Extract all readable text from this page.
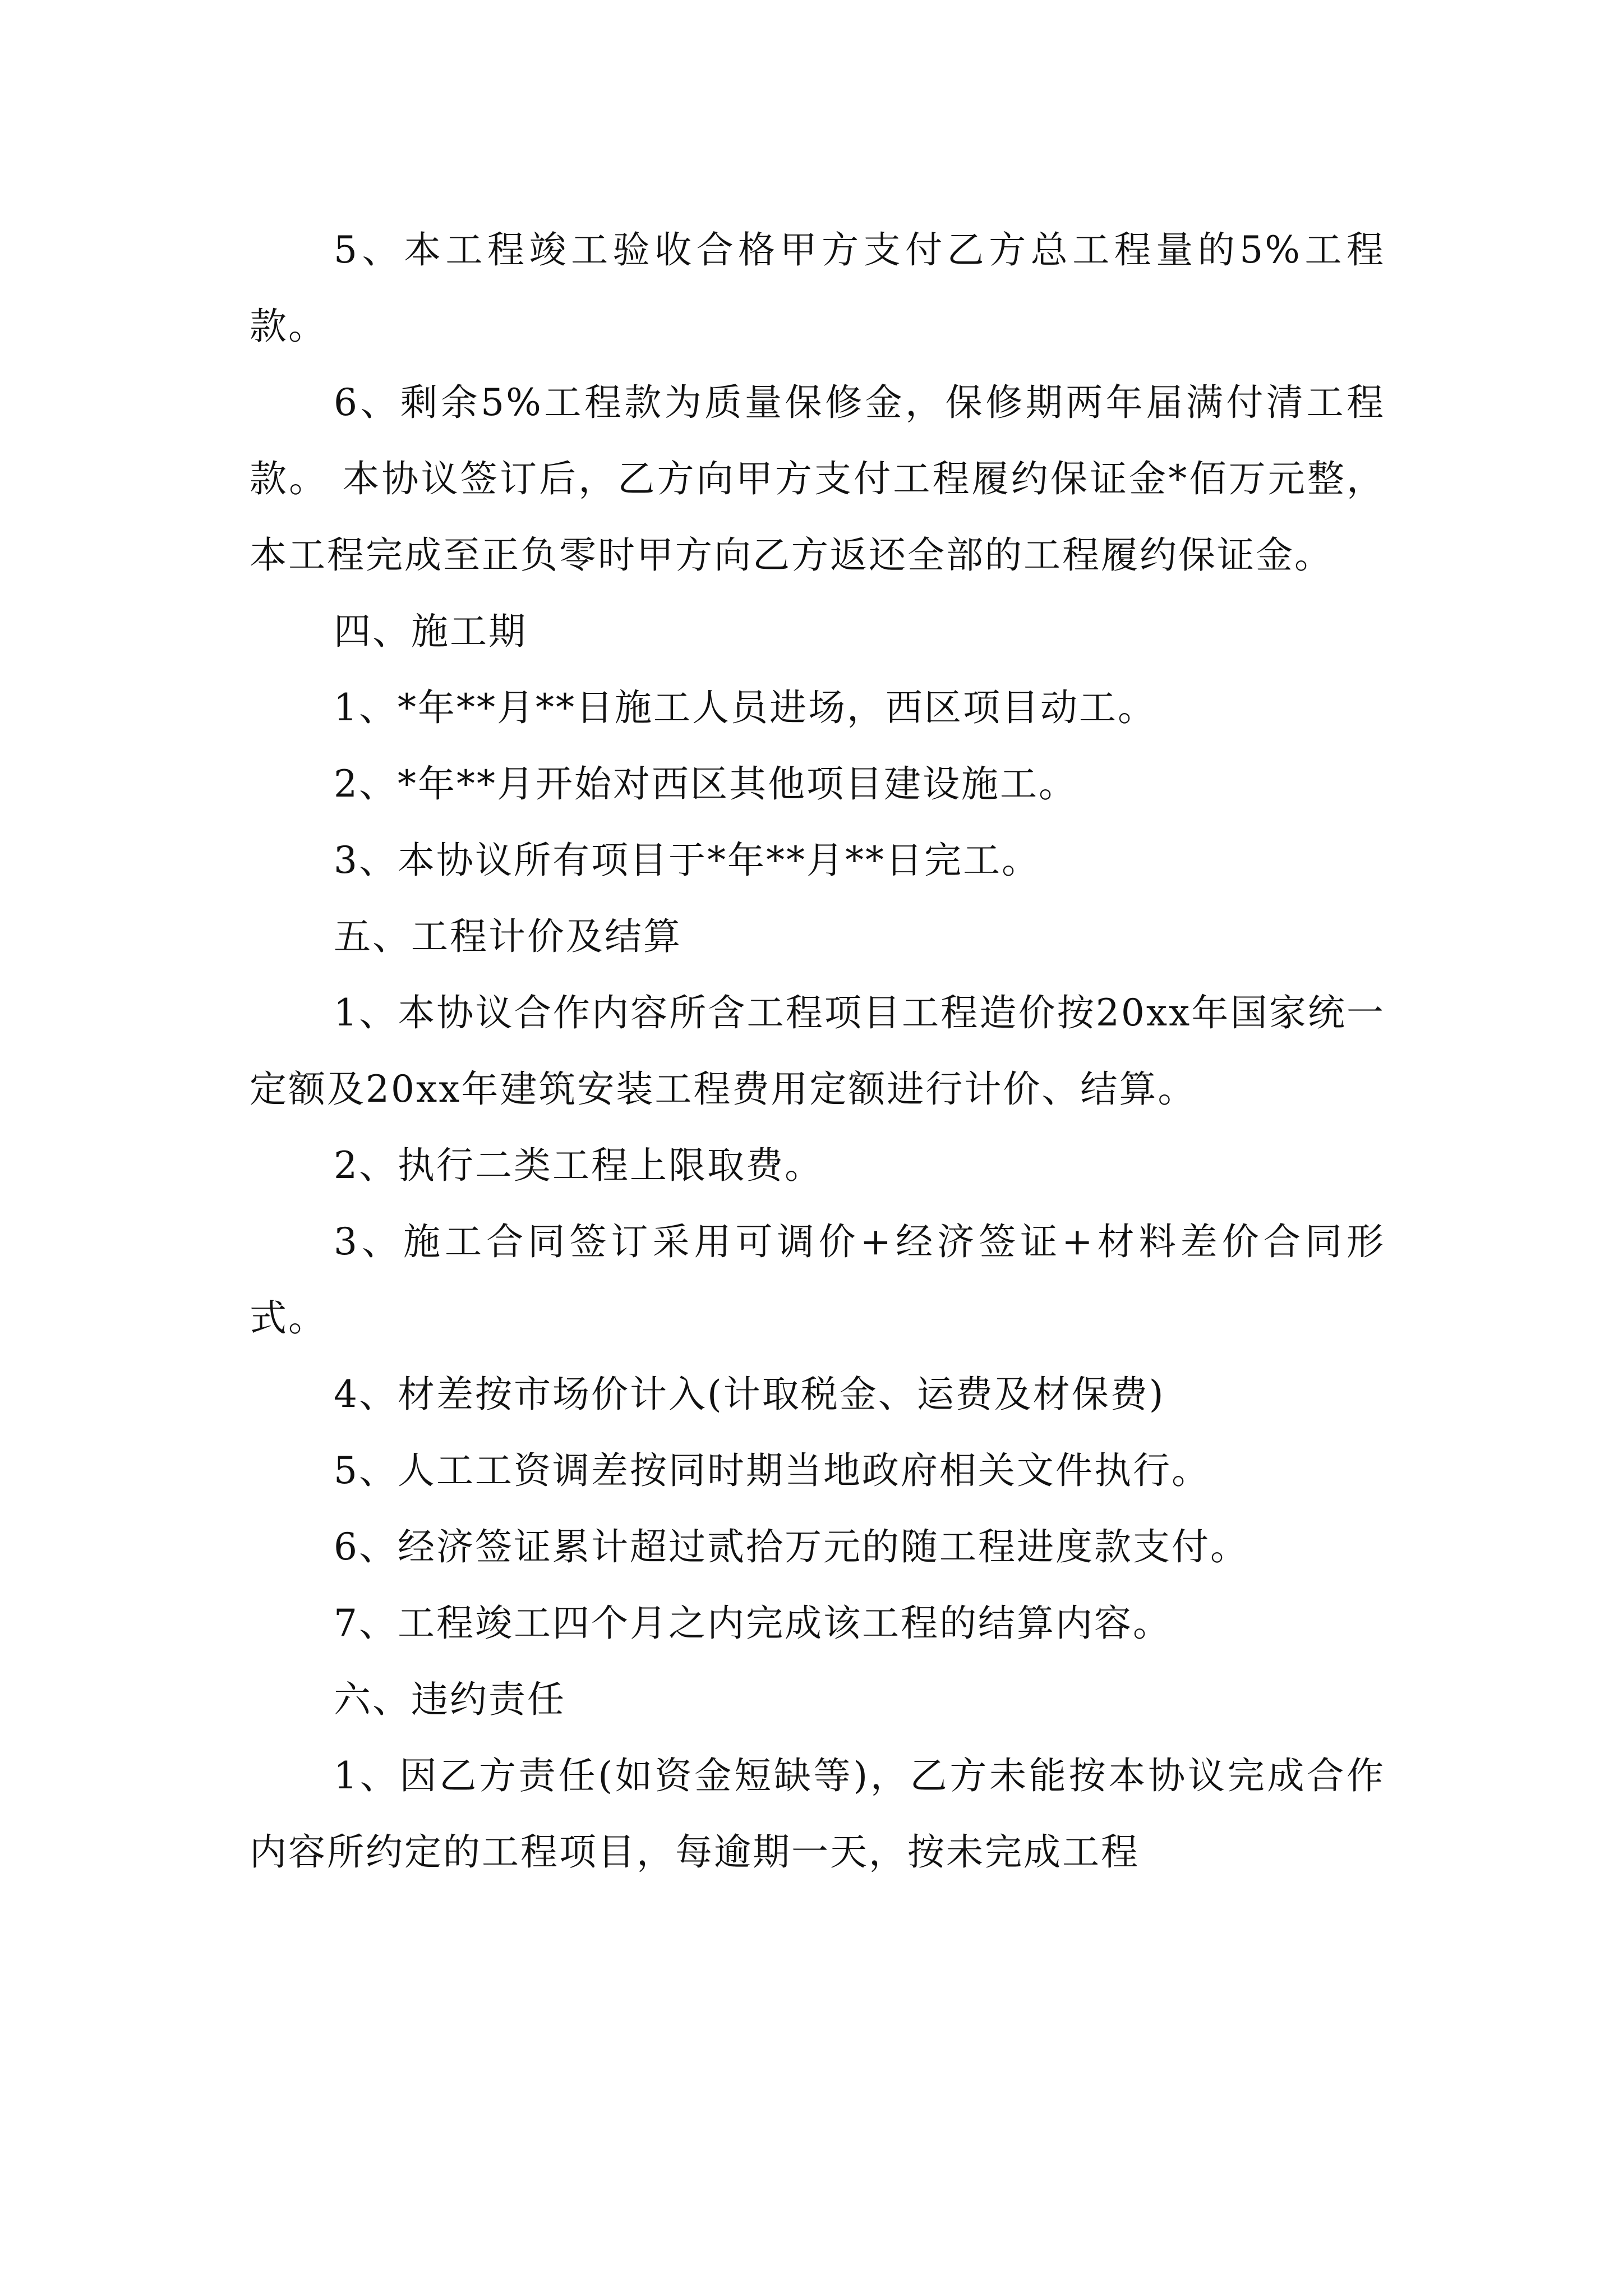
5、本工程竣工验收合格甲方支付乙方总工程量的5%工程款。

6、剩余5%工程款为质量保修金，保修期两年届满付清工程款。 本协议签订后，乙方向甲方支付工程履约保证金*佰万元整，本工程完成至正负零时甲方向乙方返还全部的工程履约保证金。

四、施工期

1、*年**月**日施工人员进场，西区项目动工。

2、*年**月开始对西区其他项目建设施工。

3、本协议所有项目于*年**月**日完工。

五、工程计价及结算

1、本协议合作内容所含工程项目工程造价按20xx年国家统一定额及20xx年建筑安装工程费用定额进行计价、结算。

2、执行二类工程上限取费。

3、施工合同签订采用可调价+经济签证+材料差价合同形式。

4、材差按市场价计入(计取税金、运费及材保费)

5、人工工资调差按同时期当地政府相关文件执行。

6、经济签证累计超过贰拾万元的随工程进度款支付。

7、工程竣工四个月之内完成该工程的结算内容。

六、违约责任

1、因乙方责任(如资金短缺等)，乙方未能按本协议完成合作内容所约定的工程项目，每逾期一天，按未完成工程
